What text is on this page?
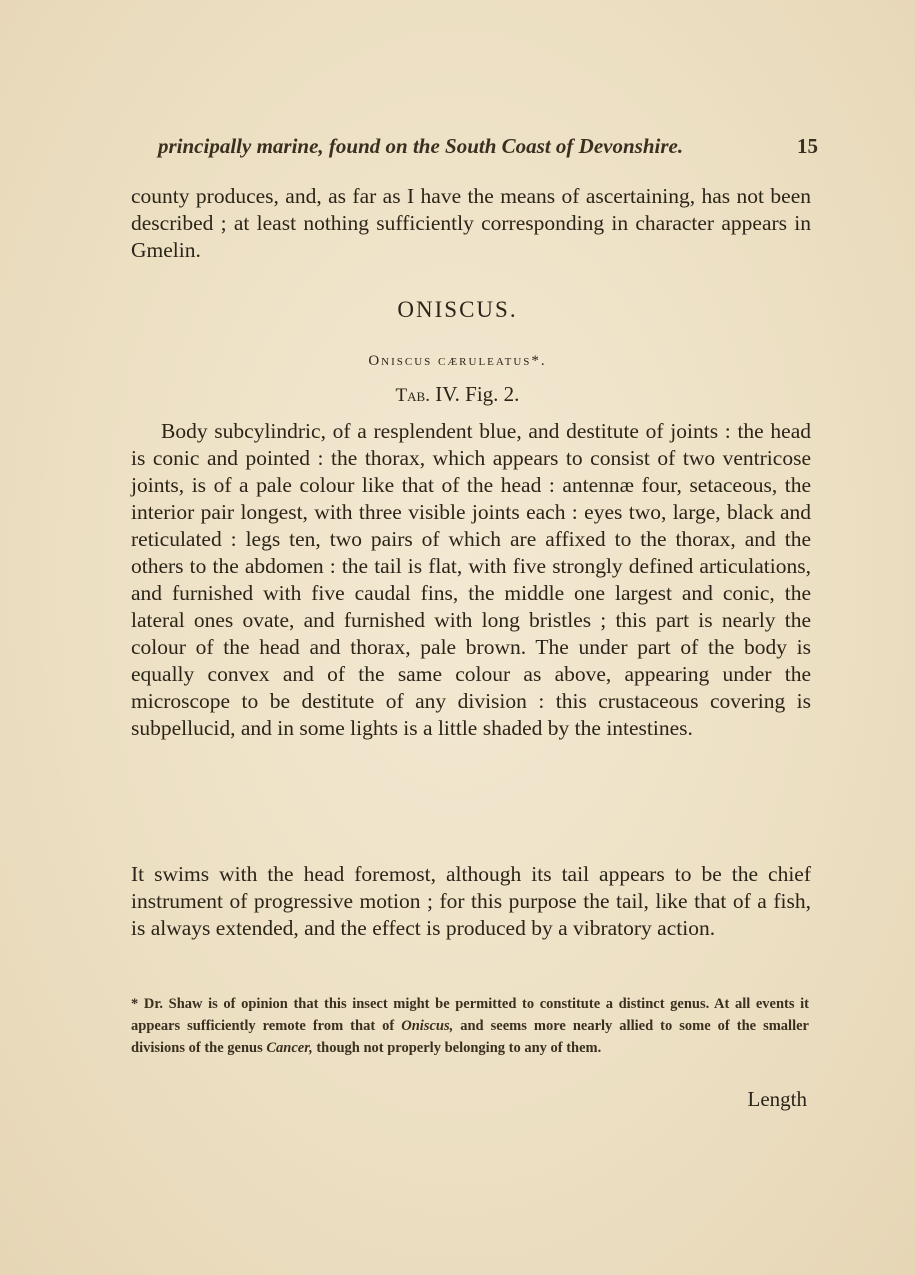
principally marine, found on the South Coast of Devonshire.	15

county produces, and, as far as I have the means of ascertaining, has not been described ; at least nothing sufficiently corresponding in character appears in Gmelin.

ONISCUS.
Oniscus cæruleatus*.
Tab. IV. Fig. 2.

Body subcylindric, of a resplendent blue, and destitute of joints : the head is conic and pointed : the thorax, which appears to consist of two ventricose joints, is of a pale colour like that of the head : antennæ four, setaceous, the interior pair longest, with three visible joints each : eyes two, large, black and reticulated : legs ten, two pairs of which are affixed to the thorax, and the others to the abdomen : the tail is flat, with five strongly defined articulations, and furnished with five caudal fins, the middle one largest and conic, the lateral ones ovate, and furnished with long bristles ; this part is nearly the colour of the head and thorax, pale brown. The under part of the body is equally convex and of the same colour as above, appearing under the microscope to be destitute of any division : this crustaceous covering is subpellucid, and in some lights is a little shaded by the intestines.

It swims with the head foremost, although its tail appears to be the chief instrument of progressive motion ; for this purpose the tail, like that of a fish, is always extended, and the effect is produced by a vibratory action.

* Dr. Shaw is of opinion that this insect might be permitted to constitute a distinct genus. At all events it appears sufficiently remote from that of Oniscus, and seems more nearly allied to some of the smaller divisions of the genus Cancer, though not properly belonging to any of them.
Length
